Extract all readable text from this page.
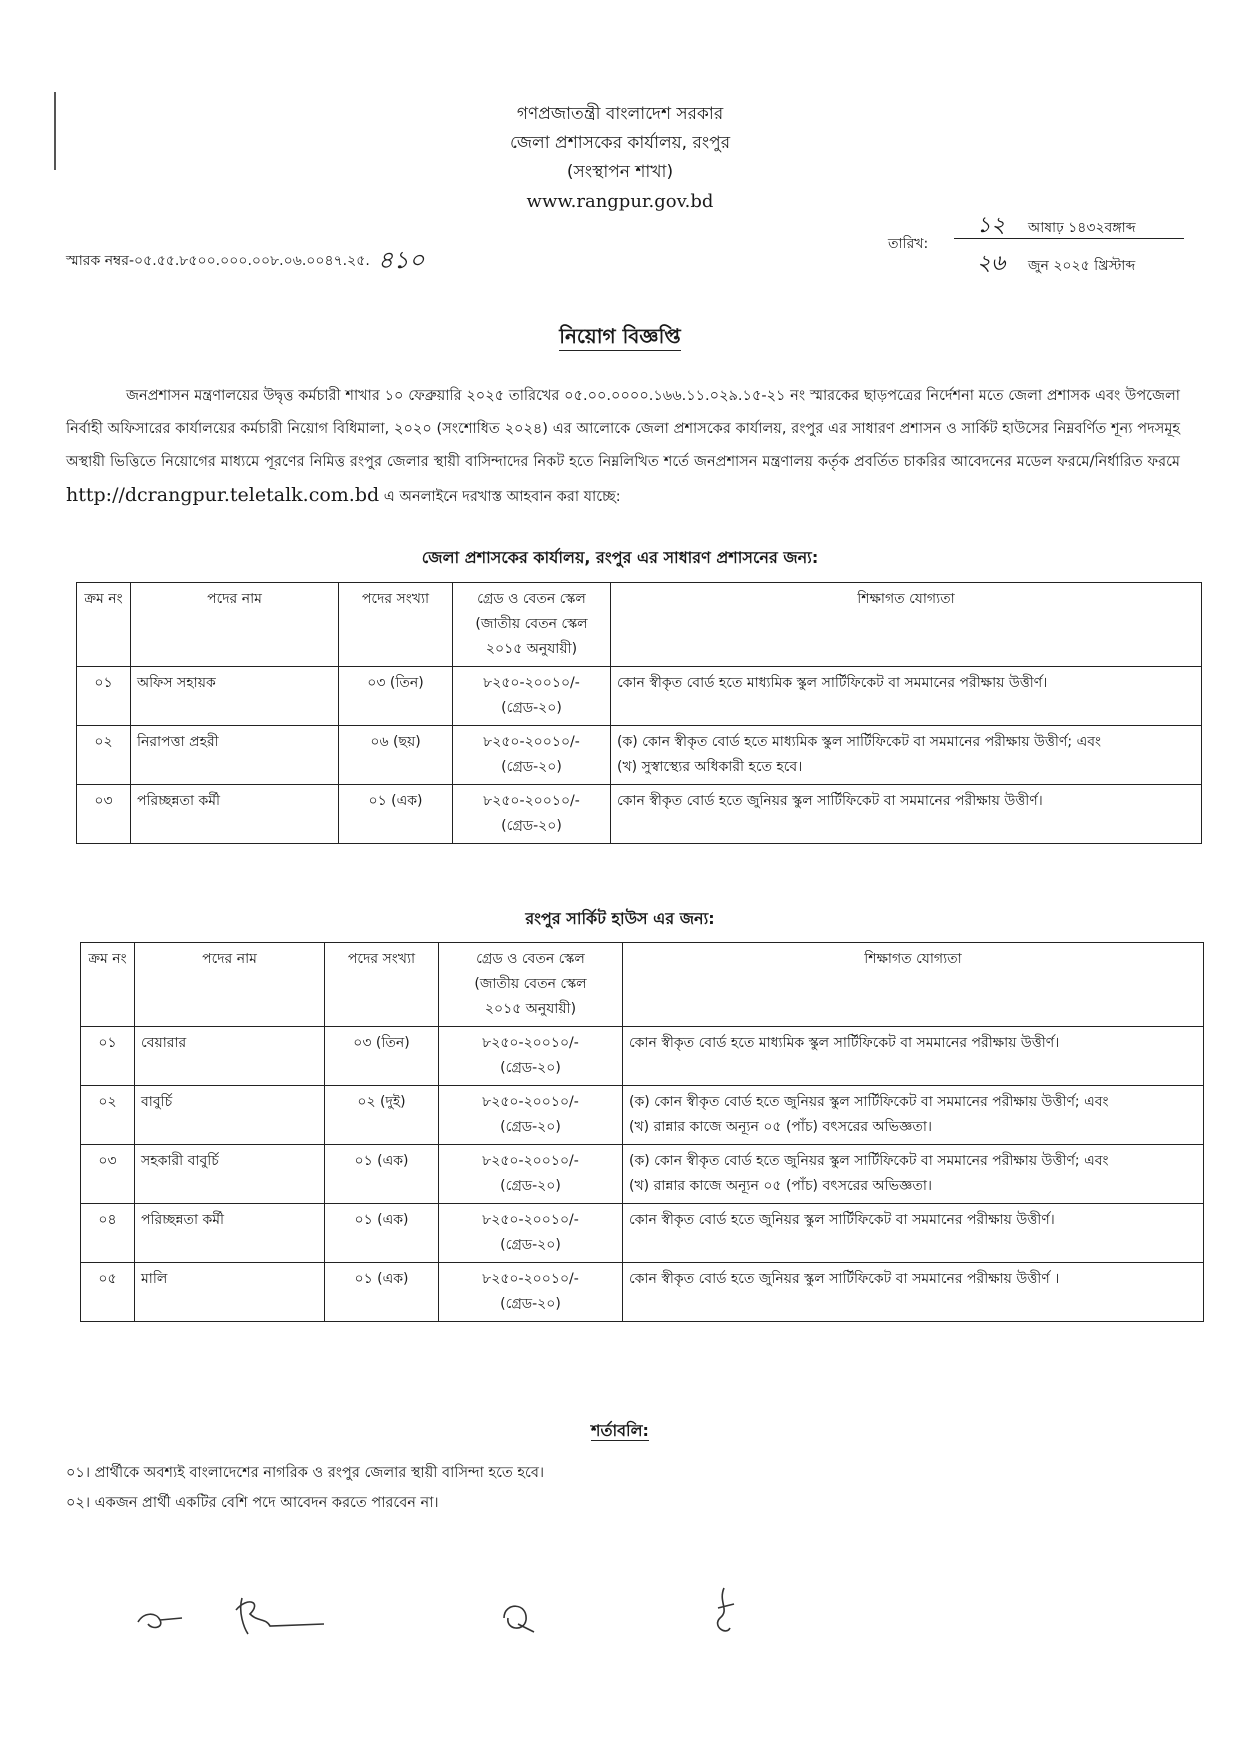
গণপ্রজাতন্ত্রী বাংলাদেশ সরকার
জেলা প্রশাসকের কার্যালয়, রংপুর
(সংস্থাপন শাখা)
www.rangpur.gov.bd
স্মারক নম্বর-০৫.৫৫.৮৫০০.০০০.০০৮.০৬.০০৪৭.২৫. ৪১০
তারিখ:
১২ আষাঢ় ১৪৩২বঙ্গাব্দ
২৬ জুন ২০২৫ খ্রিস্টাব্দ
নিয়োগ বিজ্ঞপ্তি
জনপ্রশাসন মন্ত্রণালয়ের উদ্বৃত্ত কর্মচারী শাখার ১০ ফেব্রুয়ারি ২০২৫ তারিখের ০৫.০০.০০০০.১৬৬.১১.০২৯.১৫-২১ নং স্মারকের ছাড়পত্রের নির্দেশনা মতে জেলা প্রশাসক এবং উপজেলা নির্বাহী অফিসারের কার্যালয়ের কর্মচারী নিয়োগ বিধিমালা, ২০২০ (সংশোধিত ২০২৪) এর আলোকে জেলা প্রশাসকের কার্যালয়, রংপুর এর সাধারণ প্রশাসন ও সার্কিট হাউসের নিম্নবর্ণিত শূন্য পদসমূহ অস্থায়ী ভিত্তিতে নিয়োগের মাধ্যমে পূরণের নিমিত্ত রংপুর জেলার স্থায়ী বাসিন্দাদের নিকট হতে নিম্নলিখিত শর্তে জনপ্রশাসন মন্ত্রণালয় কর্তৃক প্রবর্তিত চাকরির আবেদনের মডেল ফরমে/নির্ধারিত ফরমে http://dcrangpur.teletalk.com.bd এ অনলাইনে দরখাস্ত আহবান করা যাচ্ছে:
জেলা প্রশাসকের কার্যালয়, রংপুর এর সাধারণ প্রশাসনের জন্য:
ক্রম নং	পদের নাম	পদের সংখ্যা	গ্রেড ও বেতন স্কেল
(জাতীয় বেতন স্কেল
২০১৫ অনুযায়ী)	শিক্ষাগত যোগ্যতা
০১	অফিস সহায়ক	০৩ (তিন)	৮২৫০-২০০১০/-
(গ্রেড-২০)	কোন স্বীকৃত বোর্ড হতে মাধ্যমিক স্কুল সার্টিফিকেট বা সমমানের পরীক্ষায় উত্তীর্ণ।

০২	নিরাপত্তা প্রহরী	০৬ (ছয়)	৮২৫০-২০০১০/-
(গ্রেড-২০)	(ক) কোন স্বীকৃত বোর্ড হতে মাধ্যমিক স্কুল সার্টিফিকেট বা সমমানের পরীক্ষায় উত্তীর্ণ; এবং
(খ) সুস্বাস্থ্যের অধিকারী হতে হবে।

০৩	পরিচ্ছন্নতা কর্মী	০১ (এক)	৮২৫০-২০০১০/-
(গ্রেড-২০)	কোন স্বীকৃত বোর্ড হতে জুনিয়র স্কুল সার্টিফিকেট বা সমমানের পরীক্ষায় উত্তীর্ণ।
রংপুর সার্কিট হাউস এর জন্য:
ক্রম নং	পদের নাম	পদের সংখ্যা	গ্রেড ও বেতন স্কেল
(জাতীয় বেতন স্কেল
২০১৫ অনুযায়ী)	শিক্ষাগত যোগ্যতা
০১	বেয়ারার	০৩ (তিন)	৮২৫০-২০০১০/-
(গ্রেড-২০)	কোন স্বীকৃত বোর্ড হতে মাধ্যমিক স্কুল সার্টিফিকেট বা সমমানের পরীক্ষায় উত্তীর্ণ।

০২	বাবুর্চি	০২ (দুই)	৮২৫০-২০০১০/-
(গ্রেড-২০)	(ক) কোন স্বীকৃত বোর্ড হতে জুনিয়র স্কুল সার্টিফিকেট বা সমমানের পরীক্ষায় উত্তীর্ণ; এবং
(খ) রান্নার কাজে অন্যূন ০৫ (পাঁচ) বৎসরের অভিজ্ঞতা।

০৩	সহকারী বাবুর্চি	০১ (এক)	৮২৫০-২০০১০/-
(গ্রেড-২০)	(ক) কোন স্বীকৃত বোর্ড হতে জুনিয়র স্কুল সার্টিফিকেট বা সমমানের পরীক্ষায় উত্তীর্ণ; এবং
(খ) রান্নার কাজে অন্যূন ০৫ (পাঁচ) বৎসরের অভিজ্ঞতা।

০৪	পরিচ্ছন্নতা কর্মী	০১ (এক)	৮২৫০-২০০১০/-
(গ্রেড-২০)	কোন স্বীকৃত বোর্ড হতে জুনিয়র স্কুল সার্টিফিকেট বা সমমানের পরীক্ষায় উত্তীর্ণ।

০৫	মালি	০১ (এক)	৮২৫০-২০০১০/-
(গ্রেড-২০)	কোন স্বীকৃত বোর্ড হতে জুনিয়র স্কুল সার্টিফিকেট বা সমমানের পরীক্ষায় উত্তীর্ণ ।
শর্তাবলি:
০১। প্রার্থীকে অবশ্যই বাংলাদেশের নাগরিক ও রংপুর জেলার স্থায়ী বাসিন্দা হতে হবে।
০২। একজন প্রার্থী একটির বেশি পদে আবেদন করতে পারবেন না।
